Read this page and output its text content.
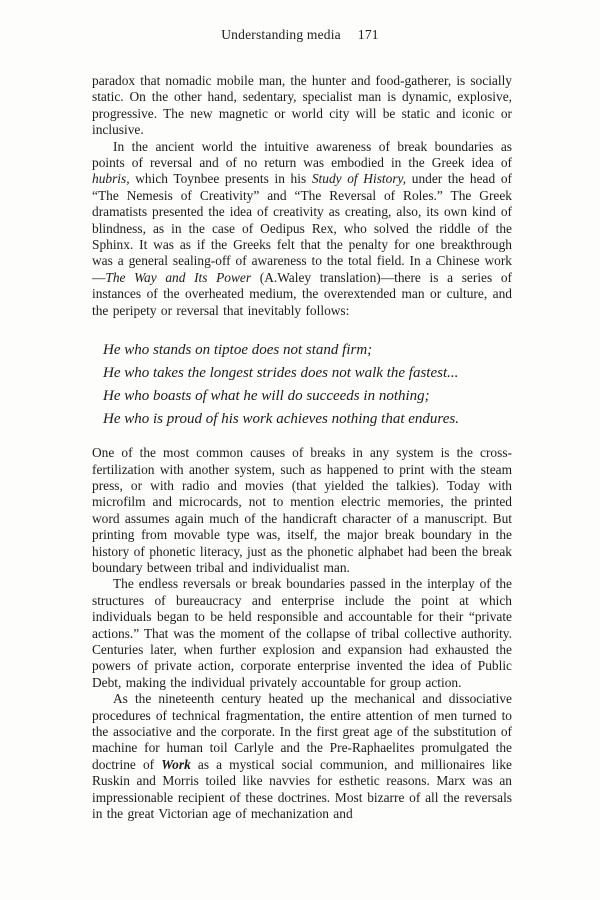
Understanding media 171

paradox that nomadic mobile man, the hunter and food-gatherer, is socially static. On the other hand, sedentary, specialist man is dynamic, explosive, progressive. The new magnetic or world city will be static and iconic or inclusive.

In the ancient world the intuitive awareness of break boundaries as points of reversal and of no return was embodied in the Greek idea of hubris, which Toynbee presents in his Study of History, under the head of “The Nemesis of Creativity” and “The Reversal of Roles.” The Greek dramatists presented the idea of creativity as creating, also, its own kind of blindness, as in the case of Oedipus Rex, who solved the riddle of the Sphinx. It was as if the Greeks felt that the penalty for one breakthrough was a general sealing-off of awareness to the total field. In a Chinese work—The Way and Its Power (A.Waley translation)—there is a series of instances of the overheated medium, the overextended man or culture, and the peripety or reversal that inevitably follows:

He who stands on tiptoe does not stand firm;
He who takes the longest strides does not walk the fastest...
He who boasts of what he will do succeeds in nothing;
He who is proud of his work achieves nothing that endures.

One of the most common causes of breaks in any system is the cross-fertilization with another system, such as happened to print with the steam press, or with radio and movies (that yielded the talkies). Today with microfilm and microcards, not to mention electric memories, the printed word assumes again much of the handicraft character of a manuscript. But printing from movable type was, itself, the major break boundary in the history of phonetic literacy, just as the phonetic alphabet had been the break boundary between tribal and individualist man.

The endless reversals or break boundaries passed in the interplay of the structures of bureaucracy and enterprise include the point at which individuals began to be held responsible and accountable for their “private actions.” That was the moment of the collapse of tribal collective authority. Centuries later, when further explosion and expansion had exhausted the powers of private action, corporate enterprise invented the idea of Public Debt, making the individual privately accountable for group action.

As the nineteenth century heated up the mechanical and dissociative procedures of technical fragmentation, the entire attention of men turned to the associative and the corporate. In the first great age of the substitution of machine for human toil Carlyle and the Pre-Raphaelites promulgated the doctrine of Work as a mystical social communion, and millionaires like Ruskin and Morris toiled like navvies for esthetic reasons. Marx was an impressionable recipient of these doctrines. Most bizarre of all the reversals in the great Victorian age of mechanization and
